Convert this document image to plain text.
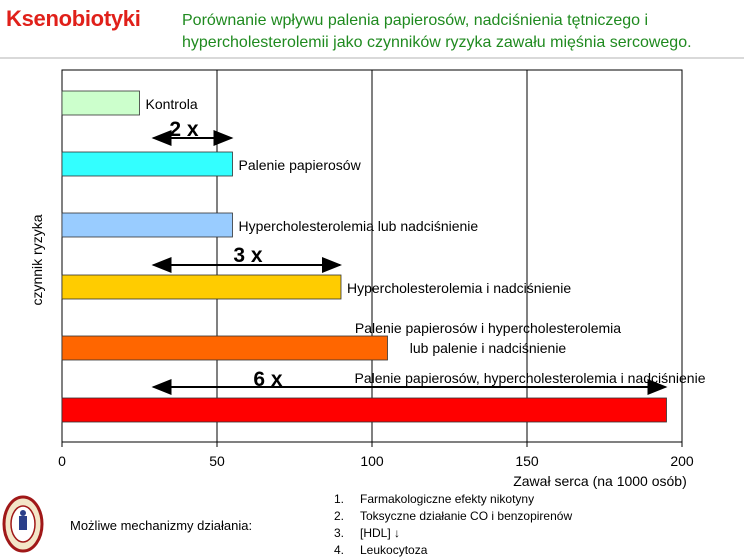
Ksenobiotyki	Porównanie wpływu palenia papierosów, nadciśnienia tętniczego i hypercholesterolemii jako czynników ryzyka zawału mięśnia sercowego.
2 x
3 x
6 x
Kontrola
Palenie papierosów
Hypercholesterolemia lub nadciśnienie
Hypercholesterolemia i nadciśnienie
Palenie papierosów i hypercholesterolemia
lub palenie i nadciśnienie
Palenie papierosów, hypercholesterolemia i nadciśnienie
0	50	100	150	200
czynnik ryzyka
Zawał serca (na 1000 osób)
Możliwe mechanizmy działania:
1.	Farmakologiczne efekty nikotyny
2.	Toksyczne działanie CO i benzopirenów
3.	[HDL] ↓
4.	Leukocytoza
